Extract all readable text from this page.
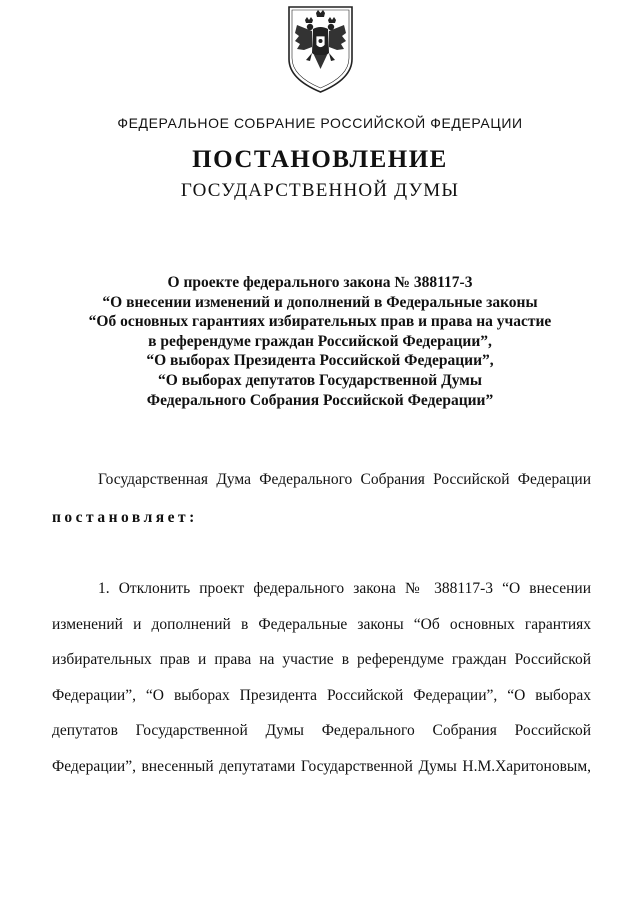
ФЕДЕРАЛЬНОЕ СОБРАНИЕ РОССИЙСКОЙ ФЕДЕРАЦИИ
ПОСТАНОВЛЕНИЕ
ГОСУДАРСТВЕННОЙ ДУМЫ
О проекте федерального закона № 388117-3
“О внесении изменений и дополнений в Федеральные законы
“Об основных гарантиях избирательных прав и права на участие
в референдуме граждан Российской Федерации”,
“О выборах Президента Российской Федерации”,
“О выборах депутатов Государственной Думы
Федерального Собрания Российской Федерации”
Государственная Дума Федерального Собрания Российской Федерации
постановляет:
1. Отклонить проект федерального закона № 388117-3 “О внесении
изменений и дополнений в Федеральные законы “Об основных гарантиях
избирательных прав и права на участие в референдуме граждан Российской
Федерации”, “О выборах Президента Российской Федерации”, “О выборах
депутатов Государственной Думы Федерального Собрания Российской
Федерации”, внесенный депутатами Государственной Думы Н.М.Харитоновым,
